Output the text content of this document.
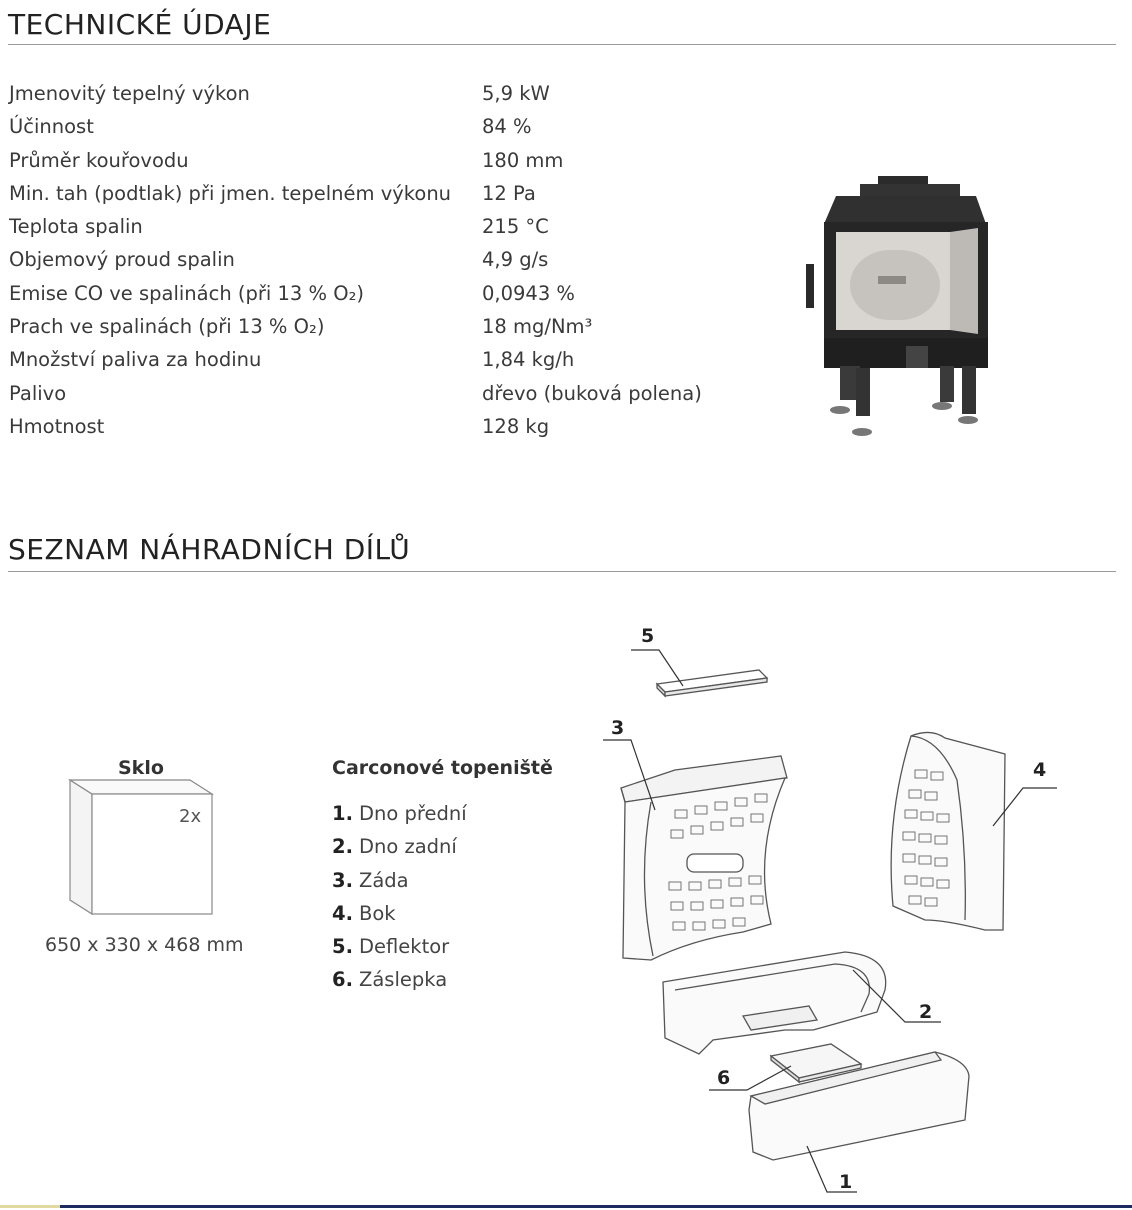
TECHNICKÉ ÚDAJE
Jmenovitý tepelný výkon	5,9 kW
Účinnost	84 %
Průměr kouřovodu	180 mm
Min. tah (podtlak) při jmen. tepelném výkonu 12 Pa
Teplota spalin	215 °C
Objemový proud spalin	4,9 g/s
Emise CO ve spalinách (při 13 % O₂)	0,0943 %
Prach ve spalinách (při 13 % O₂)	18 mg/Nm³
Množství paliva za hodinu	1,84 kg/h
Palivo	dřevo (buková polena)
Hmotnost	128 kg
SEZNAM NÁHRADNÍCH DÍLŮ
Sklo
2x
650 x 330 x 468 mm
Carconové topeniště
1. Dno přední
2. Dno zadní
3. Záda
4. Bok
5. Deflektor
6. Záslepka
5
3
4
2
6
1
